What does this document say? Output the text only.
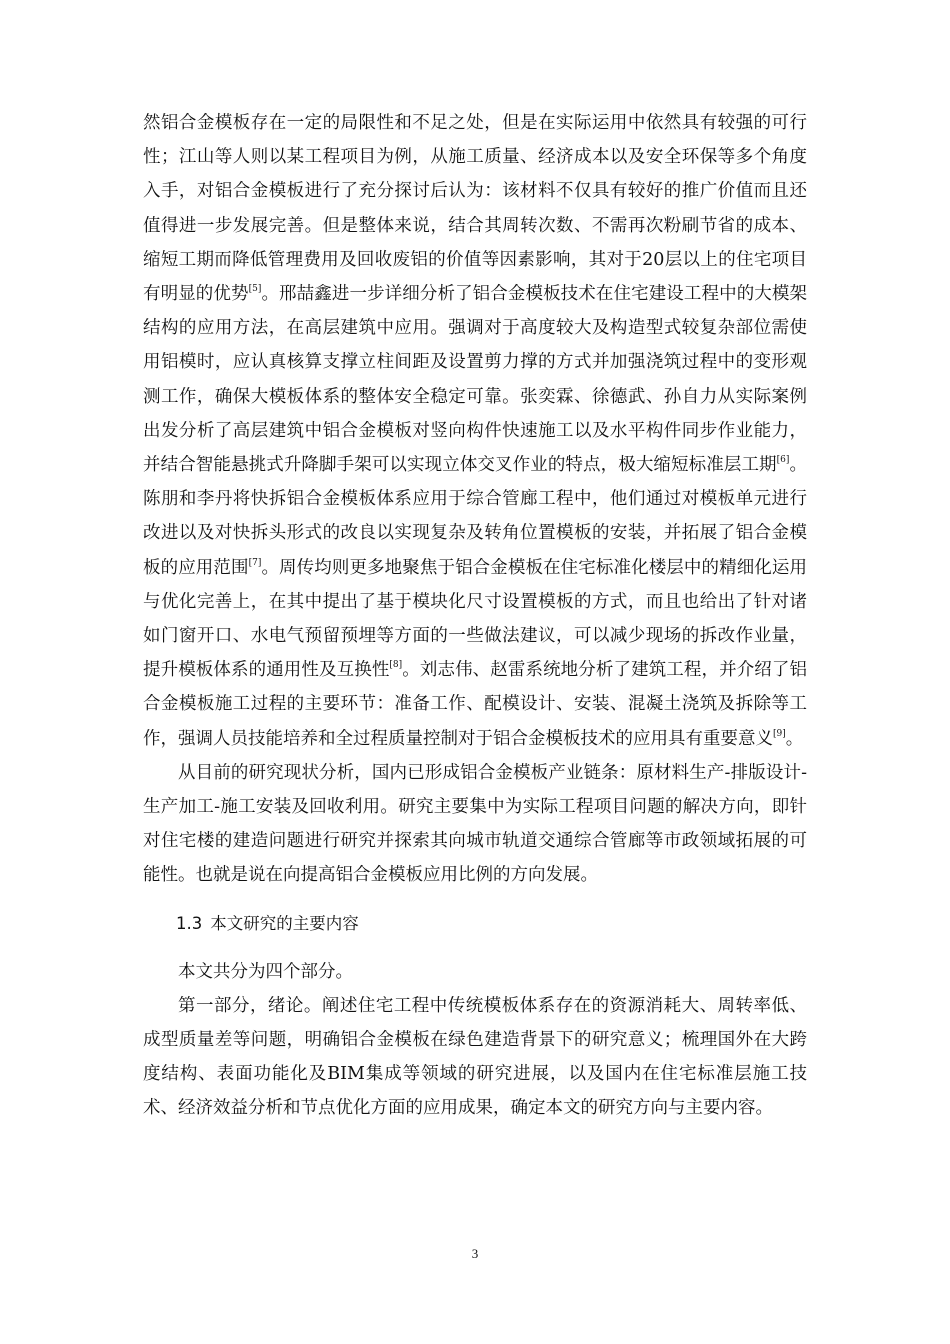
然铝合金模板存在一定的局限性和不足之处，但是在实际运用中依然具有较强的可行性；江山等人则以某工程项目为例，从施工质量、经济成本以及安全环保等多个角度入手，对铝合金模板进行了充分探讨后认为：该材料不仅具有较好的推广价值而且还值得进一步发展完善。但是整体来说，结合其周转次数、不需再次粉刷节省的成本、缩短工期而降低管理费用及回收废铝的价值等因素影响，其对于20层以上的住宅项目有明显的优势[5]。邢喆鑫进一步详细分析了铝合金模板技术在住宅建设工程中的大模架结构的应用方法，在高层建筑中应用。强调对于高度较大及构造型式较复杂部位需使用铝模时，应认真核算支撑立柱间距及设置剪力撑的方式并加强浇筑过程中的变形观测工作，确保大模板体系的整体安全稳定可靠。张奕霖、徐德武、孙自力从实际案例出发分析了高层建筑中铝合金模板对竖向构件快速施工以及水平构件同步作业能力，并结合智能悬挑式升降脚手架可以实现立体交叉作业的特点，极大缩短标准层工期[6]。陈朋和李丹将快拆铝合金模板体系应用于综合管廊工程中，他们通过对模板单元进行改进以及对快拆头形式的改良以实现复杂及转角位置模板的安装，并拓展了铝合金模板的应用范围[7]。周传均则更多地聚焦于铝合金模板在住宅标准化楼层中的精细化运用与优化完善上，在其中提出了基于模块化尺寸设置模板的方式，而且也给出了针对诸如门窗开口、水电气预留预埋等方面的一些做法建议，可以减少现场的拆改作业量，提升模板体系的通用性及互换性[8]。刘志伟、赵雷系统地分析了建筑工程，并介绍了铝合金模板施工过程的主要环节：准备工作、配模设计、安装、混凝土浇筑及拆除等工作，强调人员技能培养和全过程质量控制对于铝合金模板技术的应用具有重要意义[9]。

从目前的研究现状分析，国内已形成铝合金模板产业链条：原材料生产-排版设计-生产加工-施工安装及回收利用。研究主要集中为实际工程项目问题的解决方向，即针对住宅楼的建造问题进行研究并探索其向城市轨道交通综合管廊等市政领域拓展的可能性。也就是说在向提高铝合金模板应用比例的方向发展。

1.3 本文研究的主要内容

本文共分为四个部分。

第一部分，绪论。阐述住宅工程中传统模板体系存在的资源消耗大、周转率低、成型质量差等问题，明确铝合金模板在绿色建造背景下的研究意义；梳理国外在大跨度结构、表面功能化及BIM集成等领域的研究进展，以及国内在住宅标准层施工技术、经济效益分析和节点优化方面的应用成果，确定本文的研究方向与主要内容。

3
